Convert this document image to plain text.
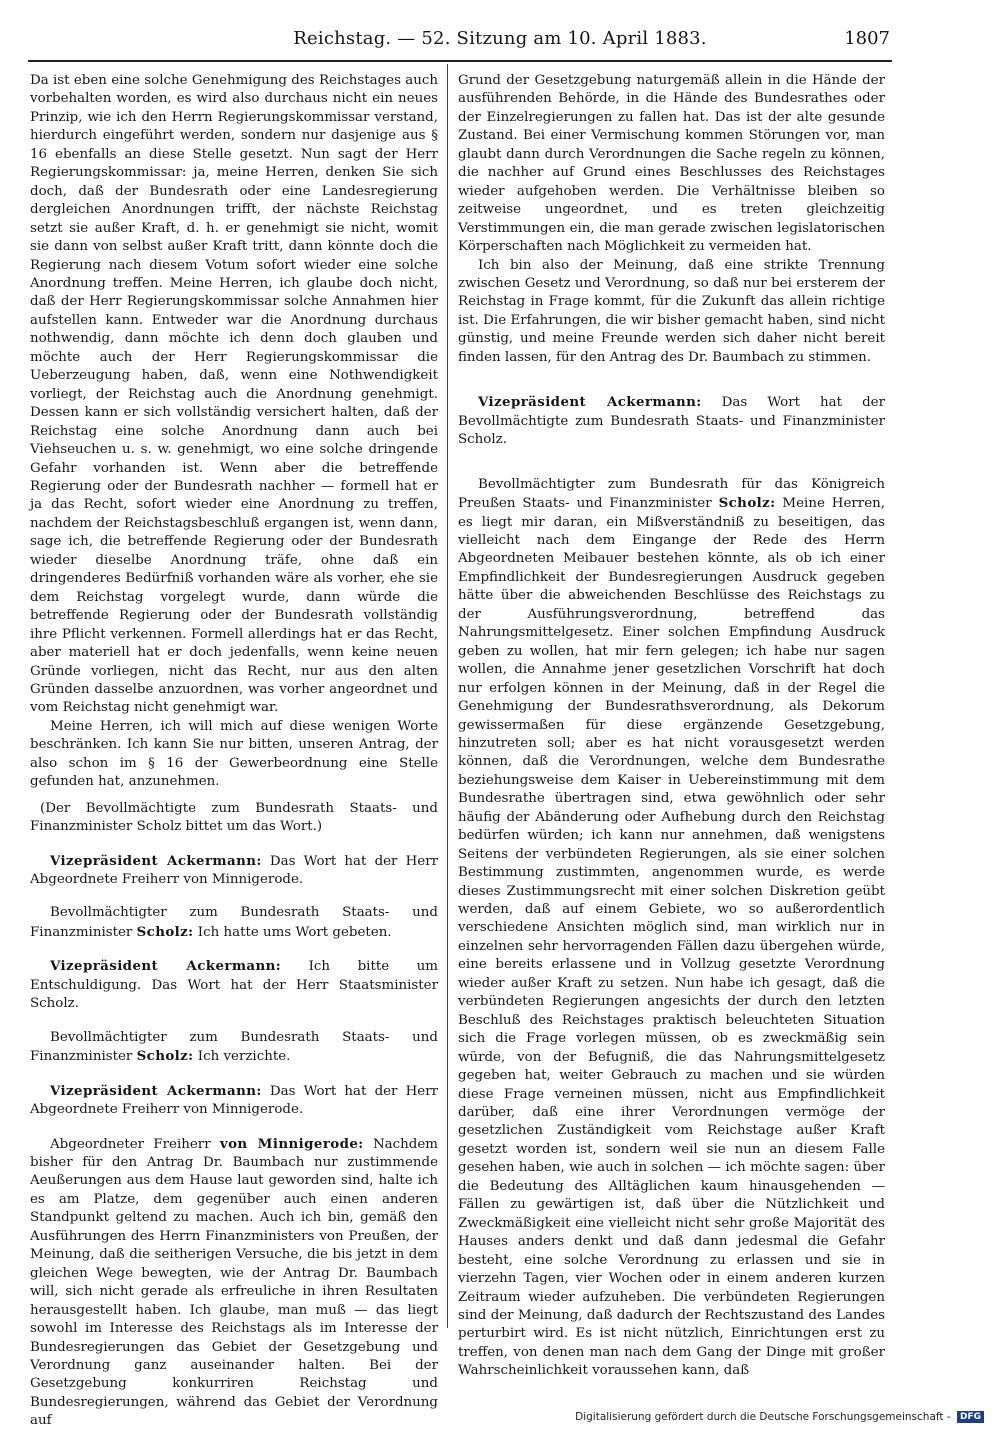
Reichstag. — 52. Sitzung am 10. April 1883.	1807

Da ist eben eine solche Genehmigung des Reichstages auch vorbehalten worden, es wird also durchaus nicht ein neues Prinzip, wie ich den Herrn Regierungskommissar verstand, hierdurch eingeführt werden, sondern nur dasjenige aus § 16 ebenfalls an diese Stelle gesetzt. Nun sagt der Herr Regierungskommissar: ja, meine Herren, denken Sie sich doch, daß der Bundesrath oder eine Landesregierung dergleichen Anordnungen trifft, der nächste Reichstag setzt sie außer Kraft, d. h. er genehmigt sie nicht, womit sie dann von selbst außer Kraft tritt, dann könnte doch die Regierung nach diesem Votum sofort wieder eine solche Anordnung treffen. Meine Herren, ich glaube doch nicht, daß der Herr Regierungskommissar solche Annahmen hier aufstellen kann. Entweder war die Anordnung durchaus nothwendig, dann möchte ich denn doch glauben und möchte auch der Herr Regierungskommissar die Ueberzeugung haben, daß, wenn eine Nothwendigkeit vorliegt, der Reichstag auch die Anordnung genehmigt. Dessen kann er sich vollständig versichert halten, daß der Reichstag eine solche Anordnung dann auch bei Viehseuchen u. s. w. genehmigt, wo eine solche dringende Gefahr vorhanden ist. Wenn aber die betreffende Regierung oder der Bundesrath nachher — formell hat er ja das Recht, sofort wieder eine Anordnung zu treffen, nachdem der Reichstagsbeschluß ergangen ist, wenn dann, sage ich, die betreffende Regierung oder der Bundesrath wieder dieselbe Anordnung träfe, ohne daß ein dringenderes Bedürfniß vorhanden wäre als vorher, ehe sie dem Reichstag vorgelegt wurde, dann würde die betreffende Regierung oder der Bundesrath vollständig ihre Pflicht verkennen. Formell allerdings hat er das Recht, aber materiell hat er doch jedenfalls, wenn keine neuen Gründe vorliegen, nicht das Recht, nur aus den alten Gründen dasselbe anzuordnen, was vorher angeordnet und vom Reichstag nicht genehmigt war.

Meine Herren, ich will mich auf diese wenigen Worte beschränken. Ich kann Sie nur bitten, unseren Antrag, der also schon im § 16 der Gewerbeordnung eine Stelle gefunden hat, anzunehmen.

(Der Bevollmächtigte zum Bundesrath Staats- und Finanzminister Scholz bittet um das Wort.)

Vizepräsident Ackermann: Das Wort hat der Herr Abgeordnete Freiherr von Minnigerode.

Bevollmächtigter zum Bundesrath Staats- und Finanzminister Scholz: Ich hatte ums Wort gebeten.

Vizepräsident Ackermann: Ich bitte um Entschuldigung. Das Wort hat der Herr Staatsminister Scholz.

Bevollmächtigter zum Bundesrath Staats- und Finanzminister Scholz: Ich verzichte.

Vizepräsident Ackermann: Das Wort hat der Herr Abgeordnete Freiherr von Minnigerode.

Abgeordneter Freiherr von Minnigerode: Nachdem bisher für den Antrag Dr. Baumbach nur zustimmende Aeußerungen aus dem Hause laut geworden sind, halte ich es am Platze, dem gegenüber auch einen anderen Standpunkt geltend zu machen. Auch ich bin, gemäß den Ausführungen des Herrn Finanzministers von Preußen, der Meinung, daß die seitherigen Versuche, die bis jetzt in dem gleichen Wege bewegten, wie der Antrag Dr. Baumbach will, sich nicht gerade als erfreuliche in ihren Resultaten herausgestellt haben. Ich glaube, man muß — das liegt sowohl im Interesse des Reichstags als im Interesse der Bundesregierungen das Gebiet der Gesetzgebung und Verordnung ganz auseinander halten. Bei der Gesetzgebung konkurriren Reichstag und Bundesregierungen, während das Gebiet der Verordnung auf

Grund der Gesetzgebung naturgemäß allein in die Hände der ausführenden Behörde, in die Hände des Bundesrathes oder der Einzelregierungen zu fallen hat. Das ist der alte gesunde Zustand. Bei einer Vermischung kommen Störungen vor, man glaubt dann durch Verordnungen die Sache regeln zu können, die nachher auf Grund eines Beschlusses des Reichstages wieder aufgehoben werden. Die Verhältnisse bleiben so zeitweise ungeordnet, und es treten gleichzeitig Verstimmungen ein, die man gerade zwischen legislatorischen Körperschaften nach Möglichkeit zu vermeiden hat.

Ich bin also der Meinung, daß eine strikte Trennung zwischen Gesetz und Verordnung, so daß nur bei ersterem der Reichstag in Frage kommt, für die Zukunft das allein richtige ist. Die Erfahrungen, die wir bisher gemacht haben, sind nicht günstig, und meine Freunde werden sich daher nicht bereit finden lassen, für den Antrag des Dr. Baumbach zu stimmen.

Vizepräsident Ackermann: Das Wort hat der Bevollmächtigte zum Bundesrath Staats- und Finanzminister Scholz.

Bevollmächtigter zum Bundesrath für das Königreich Preußen Staats- und Finanzminister Scholz: Meine Herren, es liegt mir daran, ein Mißverständniß zu beseitigen, das vielleicht nach dem Eingange der Rede des Herrn Abgeordneten Meibauer bestehen könnte, als ob ich einer Empfindlichkeit der Bundesregierungen Ausdruck gegeben hätte über die abweichenden Beschlüsse des Reichstags zu der Ausführungsverordnung, betreffend das Nahrungsmittelgesetz. Einer solchen Empfindung Ausdruck geben zu wollen, hat mir fern gelegen; ich habe nur sagen wollen, die Annahme jener gesetzlichen Vorschrift hat doch nur erfolgen können in der Meinung, daß in der Regel die Genehmigung der Bundesrathsverordnung, als Dekorum gewissermaßen für diese ergänzende Gesetzgebung, hinzutreten soll; aber es hat nicht vorausgesetzt werden können, daß die Verordnungen, welche dem Bundesrathe beziehungsweise dem Kaiser in Uebereinstimmung mit dem Bundesrathe übertragen sind, etwa gewöhnlich oder sehr häufig der Abänderung oder Aufhebung durch den Reichstag bedürfen würden; ich kann nur annehmen, daß wenigstens Seitens der verbündeten Regierungen, als sie einer solchen Bestimmung zustimmten, angenommen wurde, es werde dieses Zustimmungsrecht mit einer solchen Diskretion geübt werden, daß auf einem Gebiete, wo so außerordentlich verschiedene Ansichten möglich sind, man wirklich nur in einzelnen sehr hervorragenden Fällen dazu übergehen würde, eine bereits erlassene und in Vollzug gesetzte Verordnung wieder außer Kraft zu setzen. Nun habe ich gesagt, daß die verbündeten Regierungen angesichts der durch den letzten Beschluß des Reichstages praktisch beleuchteten Situation sich die Frage vorlegen müssen, ob es zweckmäßig sein würde, von der Befugniß, die das Nahrungsmittelgesetz gegeben hat, weiter Gebrauch zu machen und sie würden diese Frage verneinen müssen, nicht aus Empfindlichkeit darüber, daß eine ihrer Verordnungen vermöge der gesetzlichen Zuständigkeit vom Reichstage außer Kraft gesetzt worden ist, sondern weil sie nun an diesem Falle gesehen haben, wie auch in solchen — ich möchte sagen: über die Bedeutung des Alltäglichen kaum hinausgehenden — Fällen zu gewärtigen ist, daß über die Nützlichkeit und Zweckmäßigkeit eine vielleicht nicht sehr große Majorität des Hauses anders denkt und daß dann jedesmal die Gefahr besteht, eine solche Verordnung zu erlassen und sie in vierzehn Tagen, vier Wochen oder in einem anderen kurzen Zeitraum wieder aufzuheben. Die verbündeten Regierungen sind der Meinung, daß dadurch der Rechtszustand des Landes perturbirt wird. Es ist nicht nützlich, Einrichtungen erst zu treffen, von denen man nach dem Gang der Dinge mit großer Wahrscheinlichkeit voraussehen kann, daß

Digitalisierung gefördert durch die Deutsche Forschungsgemeinschaft - DFG
